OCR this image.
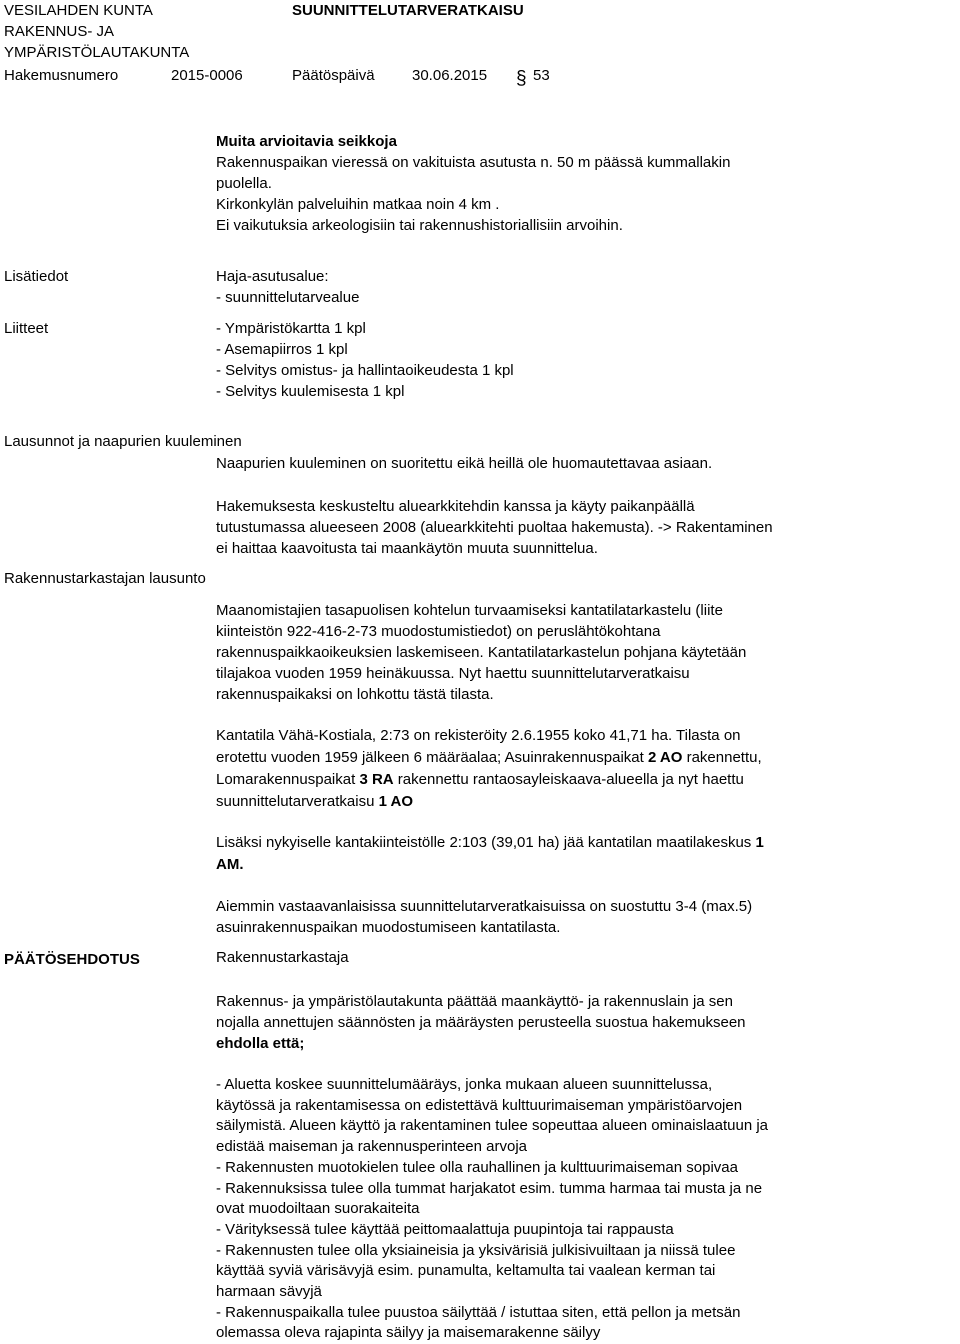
VESILAHDEN KUNTA
RAKENNUS- JA
YMPÄRISTÖLAUTAKUNTA
SUUNNITTELUTARVERATKAISU
Hakemusnumero	2015-0006	Päätöspäivä 30.06.2015 § 53
Muita arvioitavia seikkoja
Rakennuspaikan vieressä on vakituista asutusta n. 50 m päässä kummallakin
puolella.
Kirkonkylän palveluihin matkaa noin 4 km .
Ei vaikutuksia arkeologisiin tai rakennushistoriallisiin arvoihin.
Lisätiedot	Haja-asutusalue:
- suunnittelutarvealue
Liitteet	- Ympäristökartta 1 kpl
- Asemapiirros 1 kpl
- Selvitys omistus- ja hallintaoikeudesta 1 kpl
- Selvitys kuulemisesta 1 kpl
Lausunnot ja naapurien kuuleminen
Naapurien kuuleminen on suoritettu eikä heillä ole huomautettavaa asiaan.
Rakennustarkastajan lausunto
Hakemuksesta keskusteltu aluearkkitehdin kanssa ja käyty paikanpäällä
tutustumassa alueeseen 2008 (aluearkkitehti puoltaa hakemusta). -> Rakentaminen
ei haittaa kaavoitusta tai maankäytön muuta suunnittelua.
Maanomistajien tasapuolisen kohtelun turvaamiseksi kantatilatarkastelu (liite
kiinteistön 922-416-2-73 muodostumistiedot) on peruslähtökohtana
rakennuspaikkaoikeuksien laskemiseen. Kantatilatarkastelun pohjana käytetään
tilajakoa vuoden 1959 heinäkuussa. Nyt haettu suunnittelutarveratkaisu
rakennuspaikaksi on lohkottu tästä tilasta.
Kantatila Vähä-Kostiala, 2:73 on rekisteröity 2.6.1955 koko 41,71 ha. Tilasta on
erotettu vuoden 1959 jälkeen 6 määräalaa; Asuinrakennuspaikat 2 AO rakennettu,
Lomarakennuspaikat 3 RA rakennettu rantaosayleiskaava-alueella ja nyt haettu
suunnittelutarveratkaisu 1 AO
Lisäksi nykyiselle kantakiinteistölle 2:103 (39,01 ha) jää kantatilan maatilakeskus 1
AM.
Aiemmin vastaavanlaisissa suunnittelutarveratkaisuissa on suostuttu 3-4 (max.5)
asuinrakennuspaikan muodostumiseen kantatilasta.
PÄÄTÖSEHDOTUS	Rakennustarkastaja
Rakennus- ja ympäristölautakunta päättää maankäyttö- ja rakennuslain ja sen
nojalla annettujen säännösten ja määräysten perusteella suostua hakemukseen
ehdolla että;
- Aluetta koskee suunnittelumääräys, jonka mukaan alueen suunnittelussa,
käytössä ja rakentamisessa on edistettävä kulttuurimaiseman ympäristöarvojen
säilymistä. Alueen käyttö ja rakentaminen tulee sopeuttaa alueen ominaislaatuun ja
edistää maiseman ja rakennusperinteen arvoja
- Rakennusten muotokielen tulee olla rauhallinen ja kulttuurimaiseman sopivaa
- Rakennuksissa tulee olla tummat harjakatot esim. tumma harmaa tai musta ja ne
ovat muodoiltaan suorakaiteita
- Värityksessä tulee käyttää peittomaalattuja puupintoja tai rappausta
- Rakennusten tulee olla yksiaineisia ja yksivärisiä julkisivuiltaan ja niissä tulee
käyttää syviä värisävyjä esim. punamulta, keltamulta tai vaalean kerman tai
harmaan sävyjä
- Rakennuspaikalla tulee puustoa säilyttää / istuttaa siten, että pellon ja metsän
olemassa oleva rajapinta säilyy ja maisemarakenne säilyy
